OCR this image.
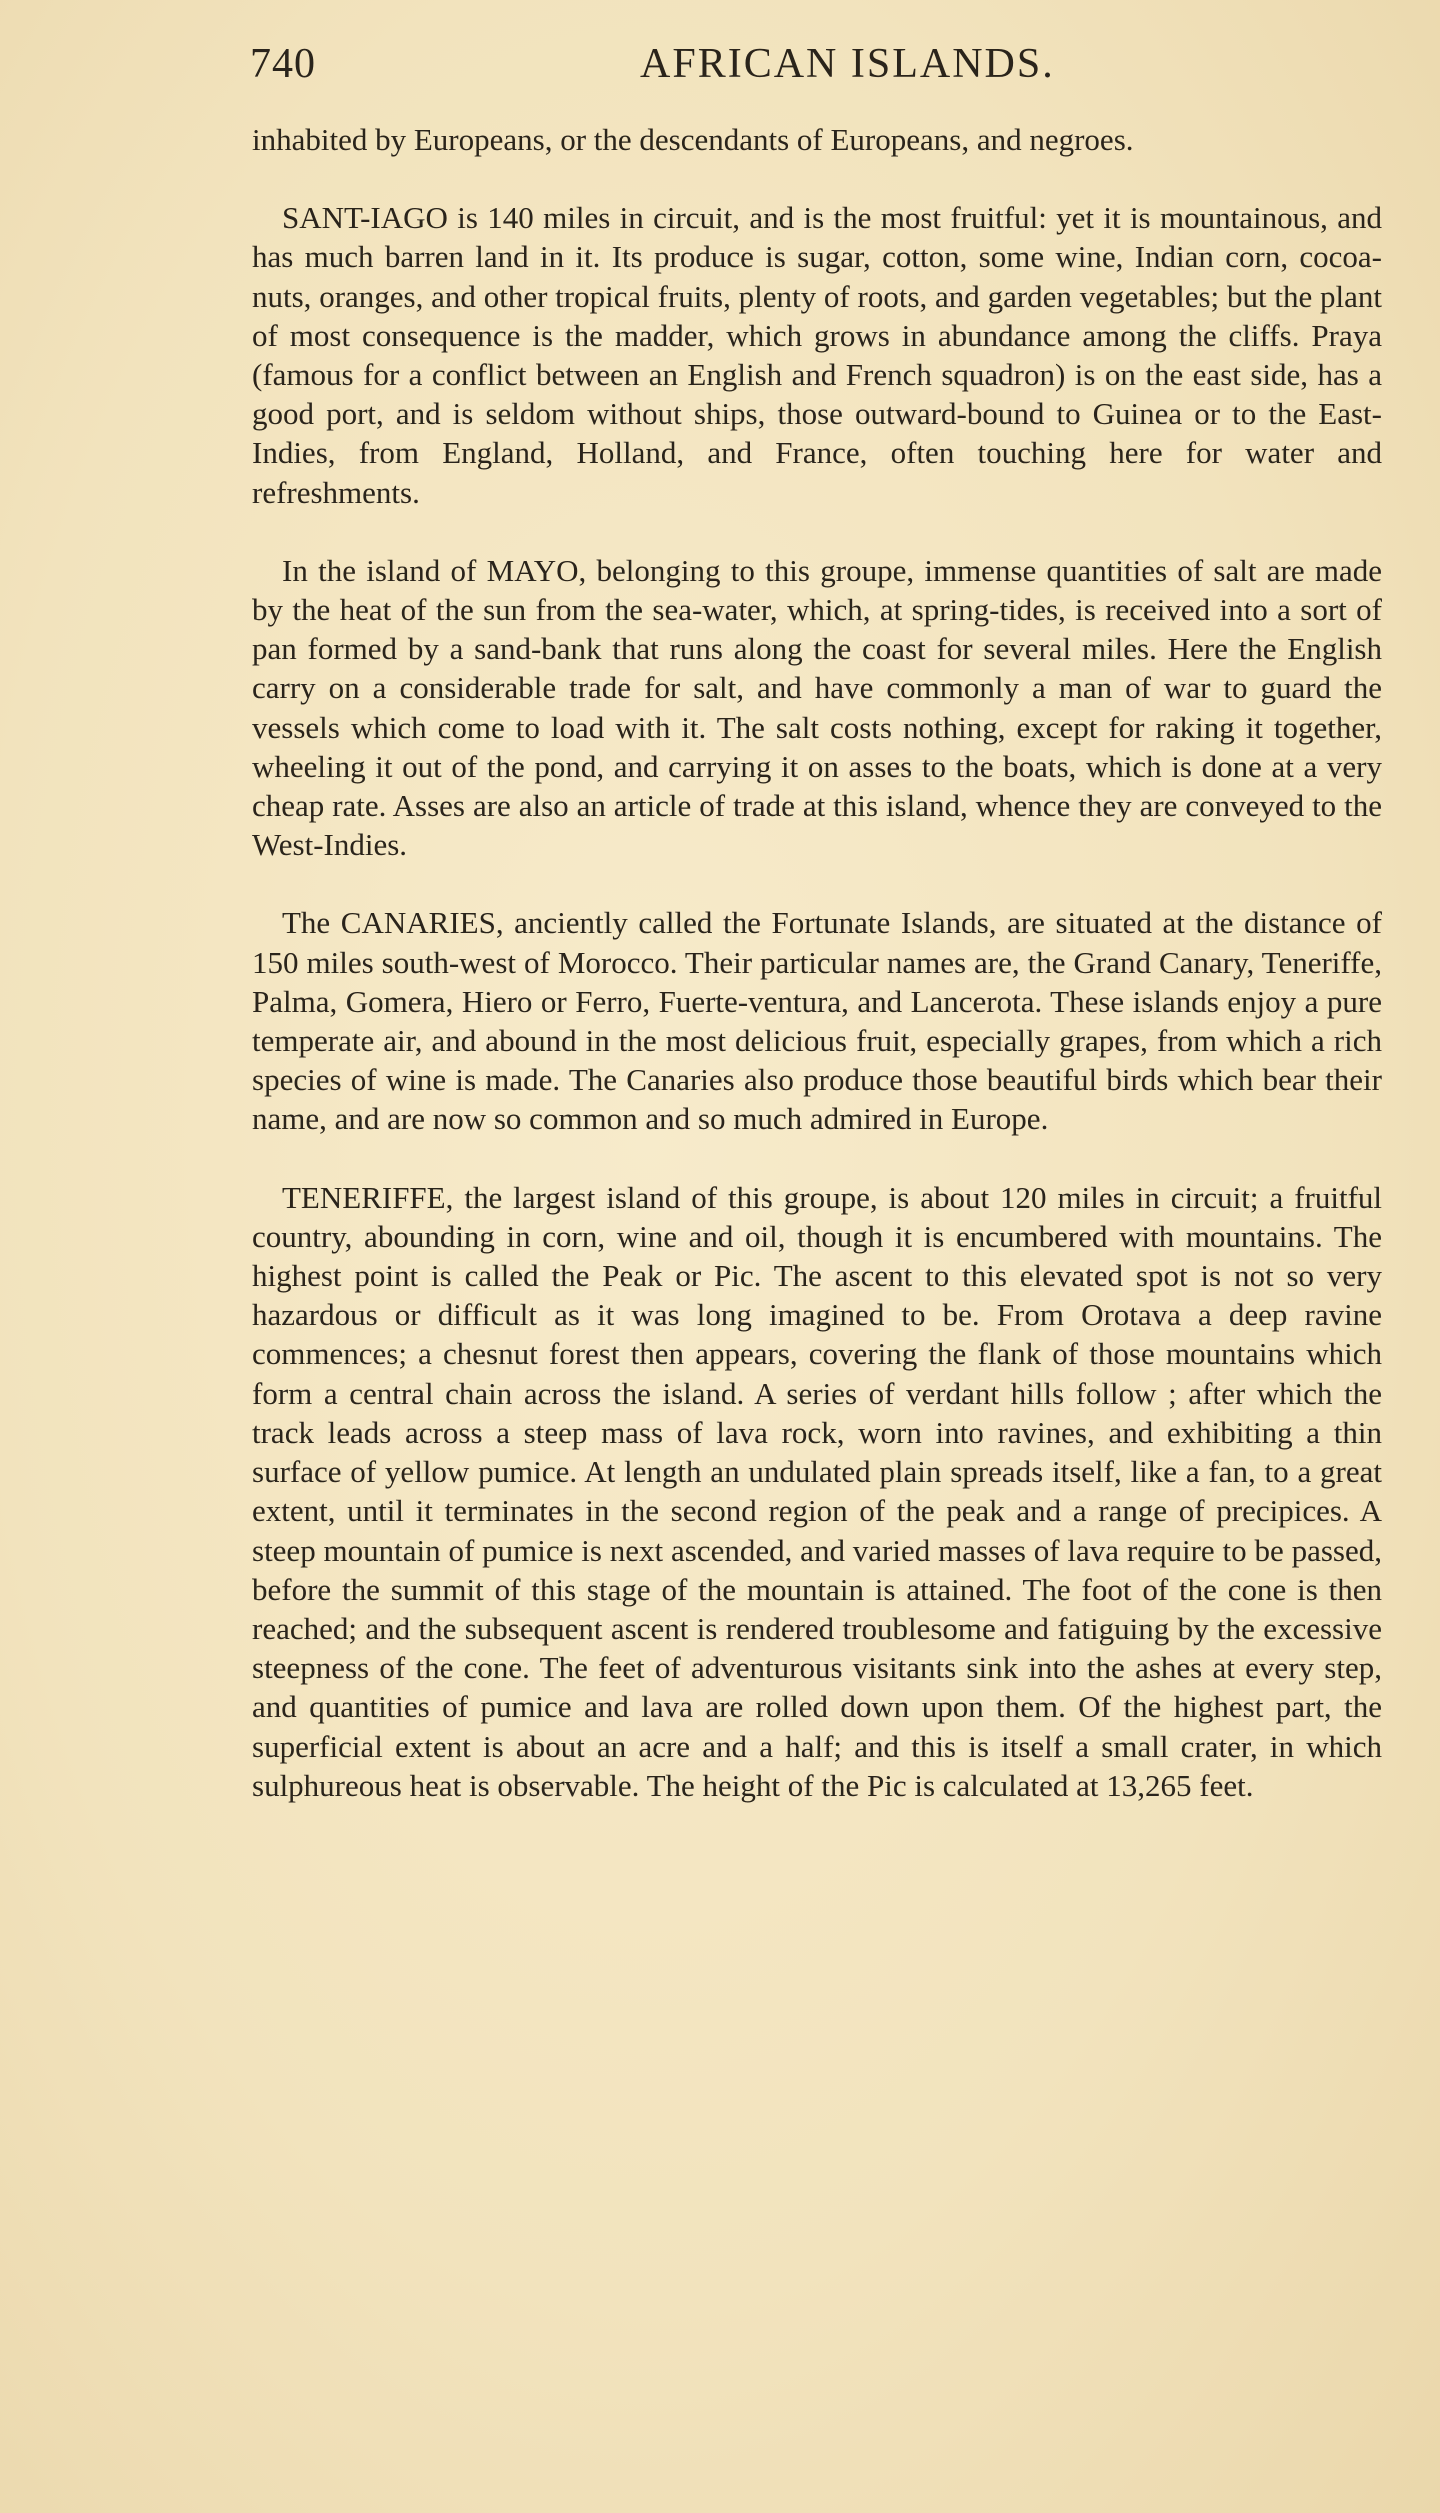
740	AFRICAN ISLANDS.

inhabited by Europeans, or the descendants of Europeans, and negroes.

SANT-IAGO is 140 miles in circuit, and is the most fruitful: yet it is mountainous, and has much barren land in it. Its produce is sugar, cotton, some wine, Indian corn, cocoa-nuts, oranges, and other tropical fruits, plenty of roots, and garden vegetables; but the plant of most consequence is the madder, which grows in abundance among the cliffs. Praya (famous for a conflict between an English and French squadron) is on the east side, has a good port, and is seldom without ships, those outward-bound to Guinea or to the East-Indies, from England, Holland, and France, often touching here for water and refreshments.

In the island of MAYO, belonging to this groupe, immense quantities of salt are made by the heat of the sun from the sea-water, which, at spring-tides, is received into a sort of pan formed by a sand-bank that runs along the coast for several miles. Here the English carry on a considerable trade for salt, and have commonly a man of war to guard the vessels which come to load with it. The salt costs nothing, except for raking it together, wheeling it out of the pond, and carrying it on asses to the boats, which is done at a very cheap rate. Asses are also an article of trade at this island, whence they are conveyed to the West-Indies.

The CANARIES, anciently called the Fortunate Islands, are situated at the distance of 150 miles south-west of Morocco. Their particular names are, the Grand Canary, Teneriffe, Palma, Gomera, Hiero or Ferro, Fuerte-ventura, and Lancerota. These islands enjoy a pure temperate air, and abound in the most delicious fruit, especially grapes, from which a rich species of wine is made. The Canaries also produce those beautiful birds which bear their name, and are now so common and so much admired in Europe.

TENERIFFE, the largest island of this groupe, is about 120 miles in circuit; a fruitful country, abounding in corn, wine and oil, though it is encumbered with mountains. The highest point is called the Peak or Pic. The ascent to this elevated spot is not so very hazardous or difficult as it was long imagined to be. From Orotava a deep ravine commences; a chesnut forest then appears, covering the flank of those mountains which form a central chain across the island. A series of verdant hills follow ; after which the track leads across a steep mass of lava rock, worn into ravines, and exhibiting a thin surface of yellow pumice. At length an undulated plain spreads itself, like a fan, to a great extent, until it terminates in the second region of the peak and a range of precipices. A steep mountain of pumice is next ascended, and varied masses of lava require to be passed, before the summit of this stage of the mountain is attained. The foot of the cone is then reached; and the subsequent ascent is rendered troublesome and fatiguing by the excessive steepness of the cone. The feet of adventurous visitants sink into the ashes at every step, and quantities of pumice and lava are rolled down upon them. Of the highest part, the superficial extent is about an acre and a half; and this is itself a small crater, in which sulphureous heat is observable. The height of the Pic is calculated at 13,265 feet.
